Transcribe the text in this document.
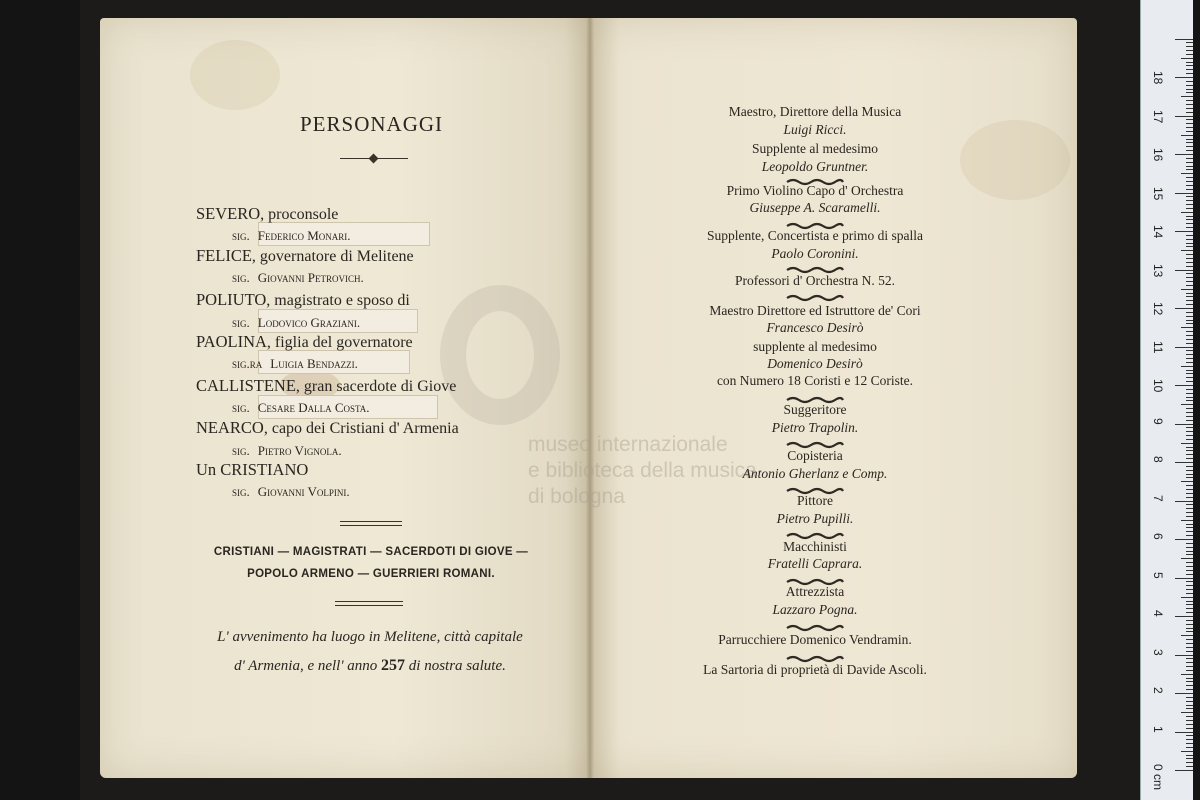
museo internazionale
e biblioteca della musica
di bologna
PERSONAGGI
SEVERO, proconsole
sig. Federico Monari.
FELICE, governatore di Melitene
sig. Giovanni Petrovich.
POLIUTO, magistrato e sposo di
sig. Lodovico Graziani.
PAOLINA, figlia del governatore
sig.ra Luigia Bendazzi.
CALLISTENE, gran sacerdote di Giove
sig. Cesare Dalla Costa.
NEARCO, capo dei Cristiani d' Armenia
sig. Pietro Vignola.
Un CRISTIANO
sig. Giovanni Volpini.
CRISTIANI — MAGISTRATI — SACERDOTI DI GIOVE —
POPOLO ARMENO — GUERRIERI ROMANI.
L' avvenimento ha luogo in Melitene, città capitale
d' Armenia, e nell' anno 257 di nostra salute.
Maestro, Direttore della Musica
Luigi Ricci.
Supplente al medesimo
Leopoldo Gruntner.
Primo Violino Capo d' Orchestra
Giuseppe A. Scaramelli.
Supplente, Concertista e primo di spalla
Paolo Coronini.
Professori d' Orchestra N. 52.
Maestro Direttore ed Istruttore de' Cori
Francesco Desirò
supplente al medesimo
Domenico Desirò
con Numero 18 Coristi e 12 Coriste.
Suggeritore
Pietro Trapolin.
Copisteria
Antonio Gherlanz e Comp.
Pittore
Pietro Pupilli.
Macchinisti
Fratelli Caprara.
Attrezzista
Lazzaro Pogna.
Parrucchiere Domenico Vendramin.
La Sartoria di proprietà di Davide Ascoli.
0 cm
1
2
3
4
5
6
7
8
9
10
11
12
13
14
15
16
17
18
